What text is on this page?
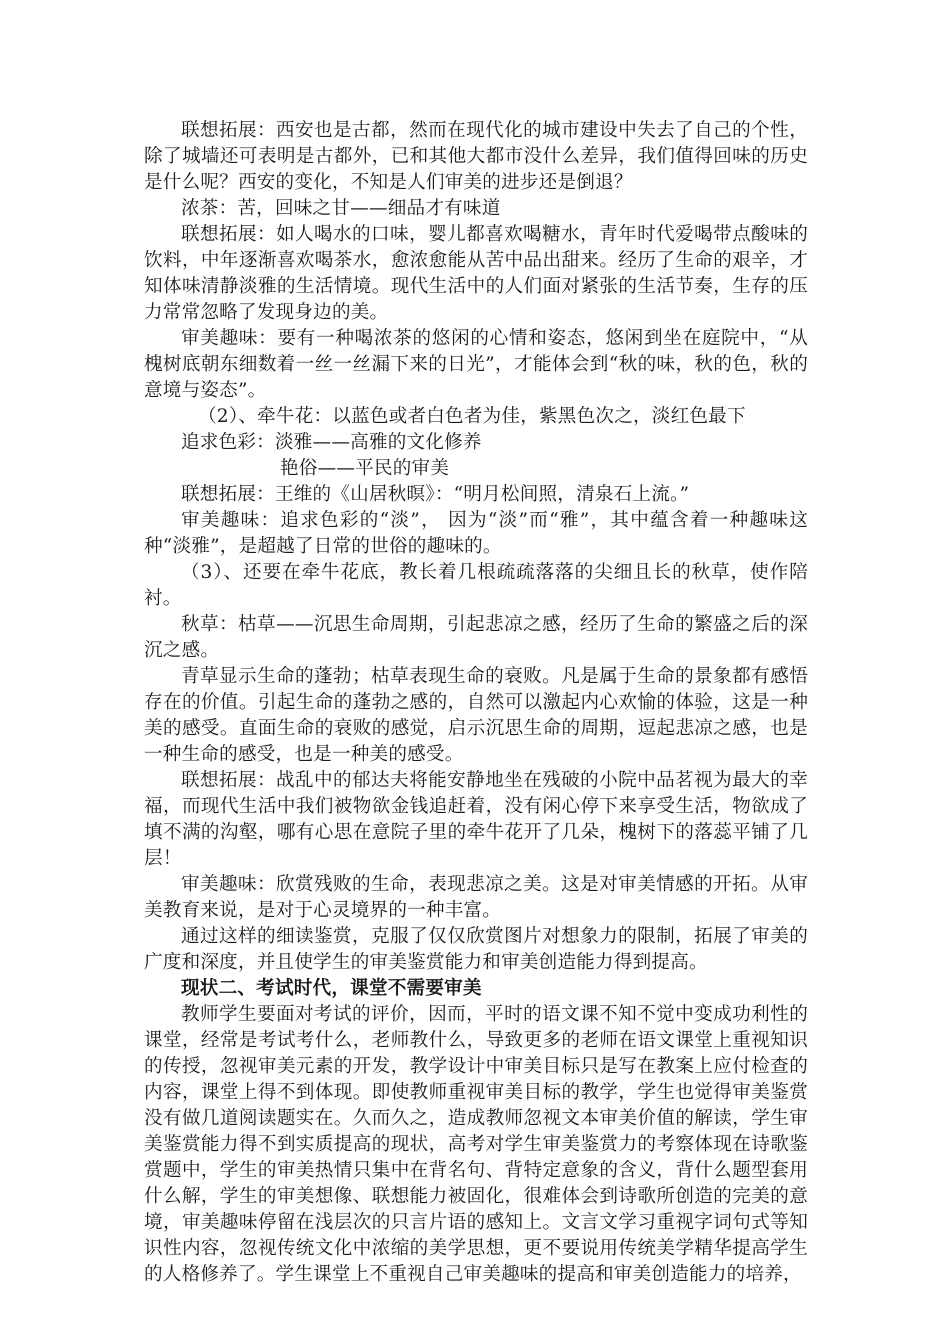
联想拓展：西安也是古都，然而在现代化的城市建设中失去了自己的个性，除了城墙还可表明是古都外，已和其他大都市没什么差异，我们值得回味的历史是什么呢？西安的变化，不知是人们审美的进步还是倒退？

浓茶：苦，回味之甘——细品才有味道

联想拓展：如人喝水的口味，婴儿都喜欢喝糖水，青年时代爱喝带点酸味的饮料，中年逐渐喜欢喝茶水，愈浓愈能从苦中品出甜来。经历了生命的艰辛，才知体味清静淡雅的生活情境。现代生活中的人们面对紧张的生活节奏，生存的压力常常忽略了发现身边的美。

审美趣味：要有一种喝浓茶的悠闲的心情和姿态，悠闲到坐在庭院中，“从槐树底朝东细数着一丝一丝漏下来的日光”，才能体会到“秋的味，秋的色，秋的意境与姿态”。

（2）、牵牛花：以蓝色或者白色者为佳，紫黑色次之，淡红色最下

追求色彩：淡雅——高雅的文化修养

艳俗——平民的审美

联想拓展：王维的《山居秋暝》：“明月松间照，清泉石上流。”

审美趣味：追求色彩的“淡”， 因为“淡”而“雅”，其中蕴含着一种趣味这种“淡雅”，是超越了日常的世俗的趣味的。

（3）、还要在牵牛花底，教长着几根疏疏落落的尖细且长的秋草，使作陪衬。

秋草：枯草——沉思生命周期，引起悲凉之感，经历了生命的繁盛之后的深沉之感。

青草显示生命的蓬勃；枯草表现生命的衰败。凡是属于生命的景象都有感悟存在的价值。引起生命的蓬勃之感的，自然可以激起内心欢愉的体验，这是一种美的感受。直面生命的衰败的感觉，启示沉思生命的周期，逗起悲凉之感，也是一种生命的感受，也是一种美的感受。

联想拓展：战乱中的郁达夫将能安静地坐在残破的小院中品茗视为最大的幸福，而现代生活中我们被物欲金钱追赶着，没有闲心停下来享受生活，物欲成了填不满的沟壑，哪有心思在意院子里的牵牛花开了几朵，槐树下的落蕊平铺了几层！

审美趣味：欣赏残败的生命，表现悲凉之美。这是对审美情感的开拓。从审美教育来说，是对于心灵境界的一种丰富。

通过这样的细读鉴赏，克服了仅仅欣赏图片对想象力的限制，拓展了审美的广度和深度，并且使学生的审美鉴赏能力和审美创造能力得到提高。

现状二、考试时代，课堂不需要审美

教师学生要面对考试的评价，因而，平时的语文课不知不觉中变成功利性的课堂，经常是考试考什么，老师教什么，导致更多的老师在语文课堂上重视知识的传授，忽视审美元素的开发，教学设计中审美目标只是写在教案上应付检查的内容，课堂上得不到体现。即使教师重视审美目标的教学，学生也觉得审美鉴赏没有做几道阅读题实在。久而久之，造成教师忽视文本审美价值的解读，学生审美鉴赏能力得不到实质提高的现状，高考对学生审美鉴赏力的考察体现在诗歌鉴赏题中，学生的审美热情只集中在背名句、背特定意象的含义，背什么题型套用什么解，学生的审美想像、联想能力被固化，很难体会到诗歌所创造的完美的意境，审美趣味停留在浅层次的只言片语的感知上。文言文学习重视字词句式等知识性内容，忽视传统文化中浓缩的美学思想，更不要说用传统美学精华提高学生的人格修养了。学生课堂上不重视自己审美趣味的提高和审美创造能力的培养，
